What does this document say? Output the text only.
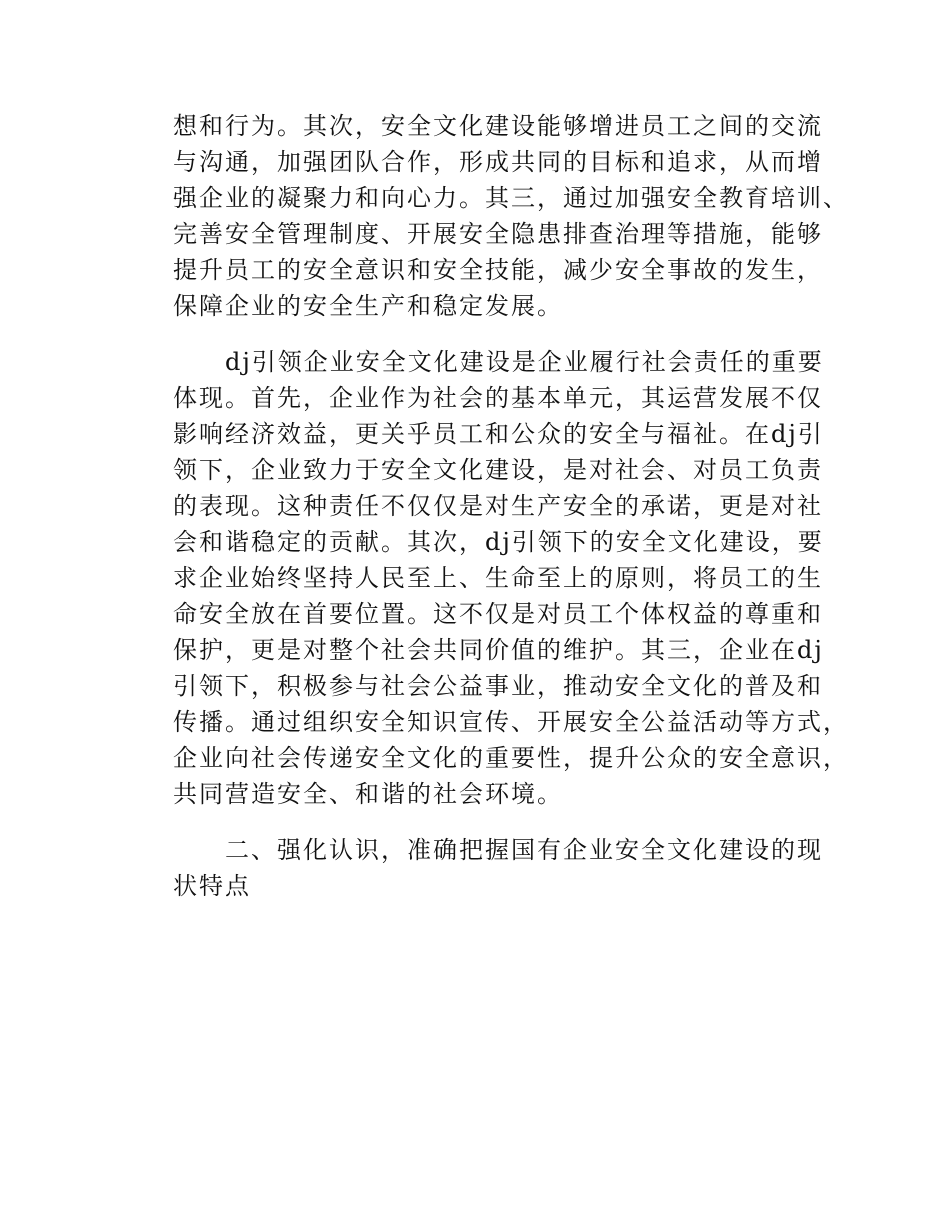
想和行为。其次，安全文化建设能够增进员工之间的交流
与沟通，加强团队合作，形成共同的目标和追求，从而增
强企业的凝聚力和向心力。其三，通过加强安全教育培训、
完善安全管理制度、开展安全隐患排查治理等措施，能够
提升员工的安全意识和安全技能，减少安全事故的发生，
保障企业的安全生产和稳定发展。
　　dj引领企业安全文化建设是企业履行社会责任的重要
体现。首先，企业作为社会的基本单元，其运营发展不仅
影响经济效益，更关乎员工和公众的安全与福祉。在dj引
领下，企业致力于安全文化建设，是对社会、对员工负责
的表现。这种责任不仅仅是对生产安全的承诺，更是对社
会和谐稳定的贡献。其次，dj引领下的安全文化建设，要
求企业始终坚持人民至上、生命至上的原则，将员工的生
命安全放在首要位置。这不仅是对员工个体权益的尊重和
保护，更是对整个社会共同价值的维护。其三，企业在dj
引领下，积极参与社会公益事业，推动安全文化的普及和
传播。通过组织安全知识宣传、开展安全公益活动等方式，
企业向社会传递安全文化的重要性，提升公众的安全意识，
共同营造安全、和谐的社会环境。
　　二、强化认识，准确把握国有企业安全文化建设的现
状特点
